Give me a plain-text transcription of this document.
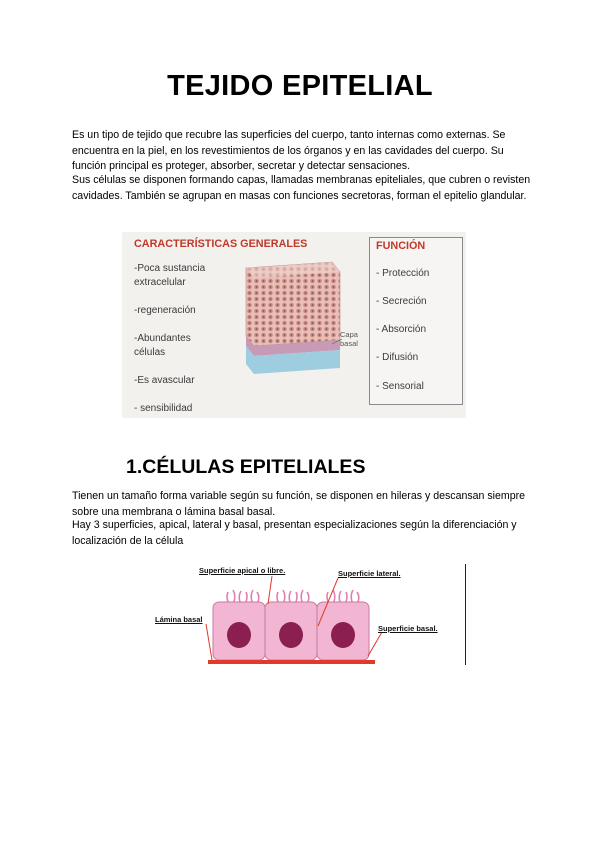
TEJIDO EPITELIAL

Es un tipo de tejido que recubre las superficies del cuerpo, tanto internas como externas. Se encuentra en la piel, en los revestimientos de los órganos y en las cavidades del cuerpo. Su función principal es proteger, absorber, secretar y detectar sensaciones.

Sus células se disponen formando capas, llamadas membranas epiteliales, que cubren o revisten cavidades. También se agrupan en masas con funciones secretoras, forman el epitelio glandular.

CARACTERÍSTICAS GENERALES
-Poca sustancia
extracelular
-regeneración
-Abundantes
células
-Es avascular
- sensibilidad
Capa
basal
FUNCIÓN
- Protección
- Secreción
- Absorción
- Difusión
- Sensorial
1.CÉLULAS EPITELIALES

Tienen un tamaño forma variable según su función, se disponen en hileras y descansan siempre sobre una membrana o lámina basal basal.

Hay 3 superficies, apical, lateral y basal, presentan especializaciones según la diferenciación y localización de la célula

Superficie apical o libre.	Superficie lateral.
Lámina basal
Superficie basal.
